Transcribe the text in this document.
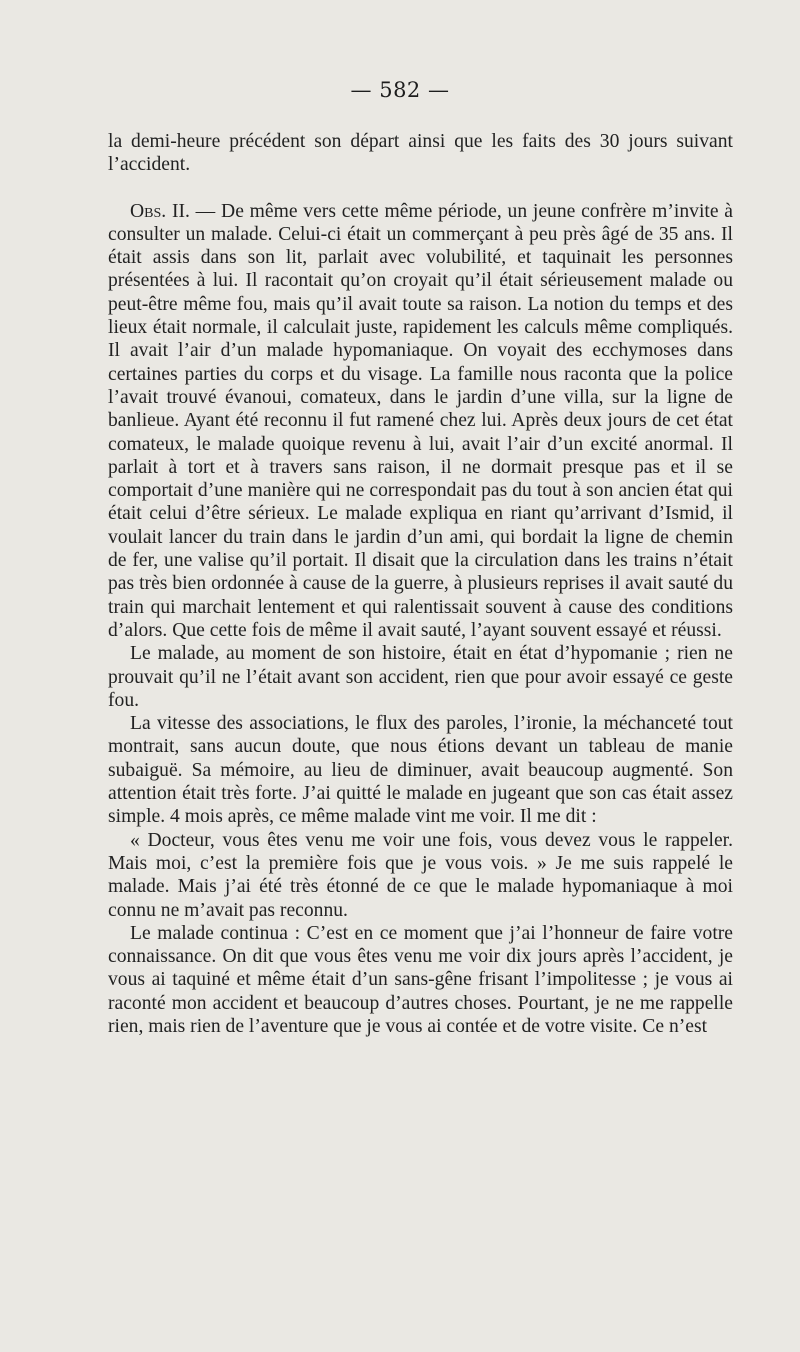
— 582 —

la demi-heure précédent son départ ainsi que les faits des 30 jours suivant l’accident.

Obs. II. — De même vers cette même période, un jeune confrère m’invite à consulter un malade. Celui-ci était un commerçant à peu près âgé de 35 ans. Il était assis dans son lit, parlait avec volubilité, et taquinait les personnes présentées à lui. Il racontait qu’on croyait qu’il était sérieusement malade ou peut-être même fou, mais qu’il avait toute sa raison. La notion du temps et des lieux était normale, il calculait juste, rapidement les calculs même compliqués. Il avait l’air d’un malade hypomaniaque. On voyait des ecchymoses dans certaines parties du corps et du visage. La famille nous raconta que la police l’avait trouvé évanoui, comateux, dans le jardin d’une villa, sur la ligne de banlieue. Ayant été reconnu il fut ramené chez lui. Après deux jours de cet état comateux, le malade quoique revenu à lui, avait l’air d’un excité anormal. Il parlait à tort et à travers sans raison, il ne dormait presque pas et il se comportait d’une manière qui ne correspondait pas du tout à son ancien état qui était celui d’être sérieux. Le malade expliqua en riant qu’arrivant d’Ismid, il voulait lancer du train dans le jardin d’un ami, qui bordait la ligne de chemin de fer, une valise qu’il portait. Il disait que la circulation dans les trains n’était pas très bien ordonnée à cause de la guerre, à plusieurs reprises il avait sauté du train qui marchait lentement et qui ralentissait souvent à cause des conditions d’alors. Que cette fois de même il avait sauté, l’ayant souvent essayé et réussi.

Le malade, au moment de son histoire, était en état d’hypomanie ; rien ne prouvait qu’il ne l’était avant son accident, rien que pour avoir essayé ce geste fou.

La vitesse des associations, le flux des paroles, l’ironie, la méchanceté tout montrait, sans aucun doute, que nous étions devant un tableau de manie subaiguë. Sa mémoire, au lieu de diminuer, avait beaucoup augmenté. Son attention était très forte. J’ai quitté le malade en jugeant que son cas était assez simple. 4 mois après, ce même malade vint me voir. Il me dit :

« Docteur, vous êtes venu me voir une fois, vous devez vous le rappeler. Mais moi, c’est la première fois que je vous vois. » Je me suis rappelé le malade. Mais j’ai été très étonné de ce que le malade hypomaniaque à moi connu ne m’avait pas reconnu.

Le malade continua : C’est en ce moment que j’ai l’honneur de faire votre connaissance. On dit que vous êtes venu me voir dix jours après l’accident, je vous ai taquiné et même était d’un sans-gêne frisant l’impolitesse ; je vous ai raconté mon accident et beaucoup d’autres choses. Pourtant, je ne me rappelle rien, mais rien de l’aventure que je vous ai contée et de votre visite. Ce n’est
